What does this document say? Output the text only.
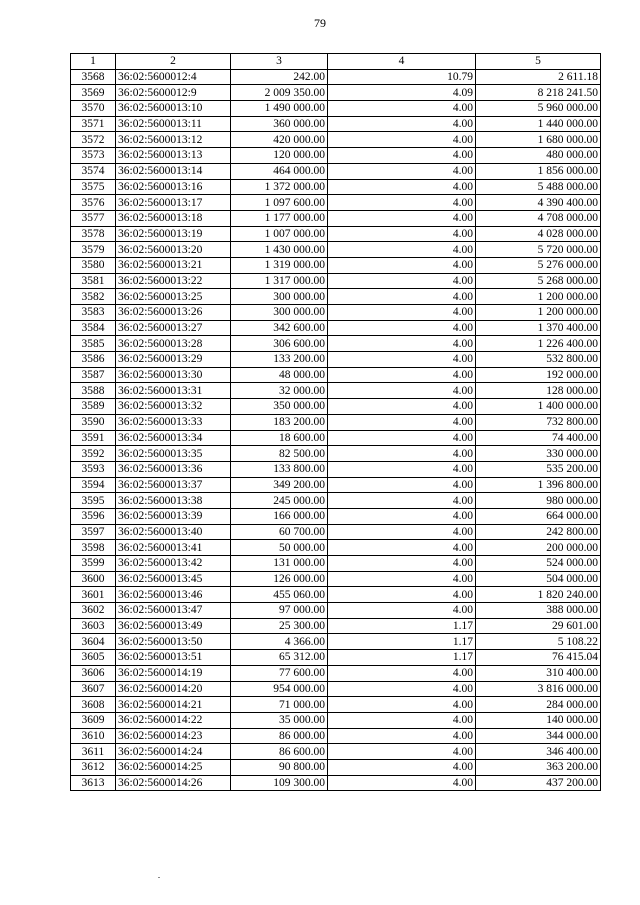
79
1	2	3	4	5
3568	36:02:5600012:4	242.00	10.79	2 611.18
3569	36:02:5600012:9	2 009 350.00	4.09	8 218 241.50
3570	36:02:5600013:10	1 490 000.00	4.00	5 960 000.00
3571	36:02:5600013:11	360 000.00	4.00	1 440 000.00
3572	36:02:5600013:12	420 000.00	4.00	1 680 000.00
3573	36:02:5600013:13	120 000.00	4.00	480 000.00
3574	36:02:5600013:14	464 000.00	4.00	1 856 000.00
3575	36:02:5600013:16	1 372 000.00	4.00	5 488 000.00
3576	36:02:5600013:17	1 097 600.00	4.00	4 390 400.00
3577	36:02:5600013:18	1 177 000.00	4.00	4 708 000.00
3578	36:02:5600013:19	1 007 000.00	4.00	4 028 000.00
3579	36:02:5600013:20	1 430 000.00	4.00	5 720 000.00
3580	36:02:5600013:21	1 319 000.00	4.00	5 276 000.00
3581	36:02:5600013:22	1 317 000.00	4.00	5 268 000.00
3582	36:02:5600013:25	300 000.00	4.00	1 200 000.00
3583	36:02:5600013:26	300 000.00	4.00	1 200 000.00
3584	36:02:5600013:27	342 600.00	4.00	1 370 400.00
3585	36:02:5600013:28	306 600.00	4.00	1 226 400.00
3586	36:02:5600013:29	133 200.00	4.00	532 800.00
3587	36:02:5600013:30	48 000.00	4.00	192 000.00
3588	36:02:5600013:31	32 000.00	4.00	128 000.00
3589	36:02:5600013:32	350 000.00	4.00	1 400 000.00
3590	36:02:5600013:33	183 200.00	4.00	732 800.00
3591	36:02:5600013:34	18 600.00	4.00	74 400.00
3592	36:02:5600013:35	82 500.00	4.00	330 000.00
3593	36:02:5600013:36	133 800.00	4.00	535 200.00
3594	36:02:5600013:37	349 200.00	4.00	1 396 800.00
3595	36:02:5600013:38	245 000.00	4.00	980 000.00
3596	36:02:5600013:39	166 000.00	4.00	664 000.00
3597	36:02:5600013:40	60 700.00	4.00	242 800.00
3598	36:02:5600013:41	50 000.00	4.00	200 000.00
3599	36:02:5600013:42	131 000.00	4.00	524 000.00
3600	36:02:5600013:45	126 000.00	4.00	504 000.00
3601	36:02:5600013:46	455 060.00	4.00	1 820 240.00
3602	36:02:5600013:47	97 000.00	4.00	388 000.00
3603	36:02:5600013:49	25 300.00	1.17	29 601.00
3604	36:02:5600013:50	4 366.00	1.17	5 108.22
3605	36:02:5600013:51	65 312.00	1.17	76 415.04
3606	36:02:5600014:19	77 600.00	4.00	310 400.00
3607	36:02:5600014:20	954 000.00	4.00	3 816 000.00
3608	36:02:5600014:21	71 000.00	4.00	284 000.00
3609	36:02:5600014:22	35 000.00	4.00	140 000.00
3610	36:02:5600014:23	86 000.00	4.00	344 000.00
3611	36:02:5600014:24	86 600.00	4.00	346 400.00
3612	36:02:5600014:25	90 800.00	4.00	363 200.00
3613	36:02:5600014:26	109 300.00	4.00	437 200.00
